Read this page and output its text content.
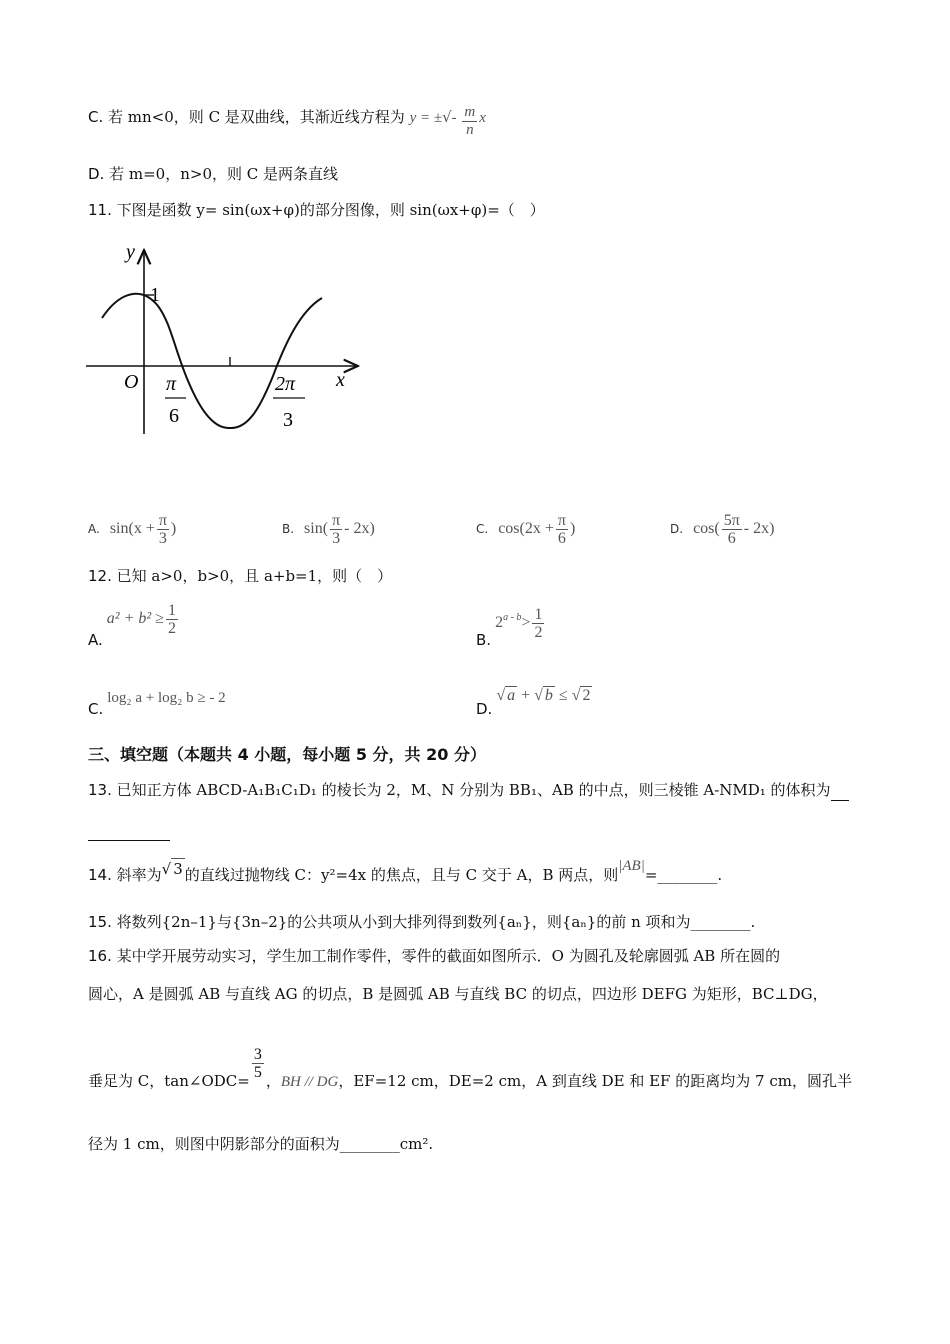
C. 若 mn<0，则 C 是双曲线，其渐近线方程为 y = ±√- $\frac{m}{n}$ x
D. 若 m=0，n>0，则 C 是两条直线
11. 下图是函数 y= sin(ωx+φ)的部分图像，则 sin(ωx+φ)=（　）
y
x
O
1
π
6
2π
3
A. $\sin(x + \frac{\pi}{3}$ )	B. $\sin( \frac{\pi}{3} - 2x)$	C. $\cos(2x + \frac{\pi}{6}$ )	D. $\cos( \frac{5\pi}{6} - 2x)$
12. 已知 a>0，b>0，且 a+b=1，则（　）
A. $a^2 + b^2 \ge \frac{1}{2}$
B. $2^{a - b}> \frac{1}{2}$
C. log₂ a + log₂ b ≥ - 2
D. √ a + √ b ≤ √ 2
三、填空题（本题共 4 小题，每小题 5 分，共 20 分）
13. 已知正方体 ABCD-A₁B₁C₁D₁ 的棱长为 2，M、N 分别为 BB₁、AB 的中点，则三棱锥 A-NMD₁ 的体积为

14. 斜率为√ 3 的直线过抛物线 C：y²=4x 的焦点，且与 C 交于 A，B 两点，则|AB|=________.
15. 将数列{2n–1}与{3n–2}的公共项从小到大排列得到数列{aₙ}，则{aₙ}的前 n 项和为________.
16. 某中学开展劳动实习，学生加工制作零件，零件的截面如图所示．O 为圆孔及轮廓圆弧 AB 所在圆的
圆心，A 是圆弧 AB 与直线 AG 的切点，B 是圆弧 AB 与直线 BC 的切点，四边形 DEFG 为矩形，BC⊥DG，
垂足为 C，tan∠ODC= $\frac{3}{5}$ ，BH // DG，EF=12 cm，DE=2 cm，A 到直线 DE 和 EF 的距离均为 7 cm，圆孔半
径为 1 cm，则图中阴影部分的面积为________cm².
